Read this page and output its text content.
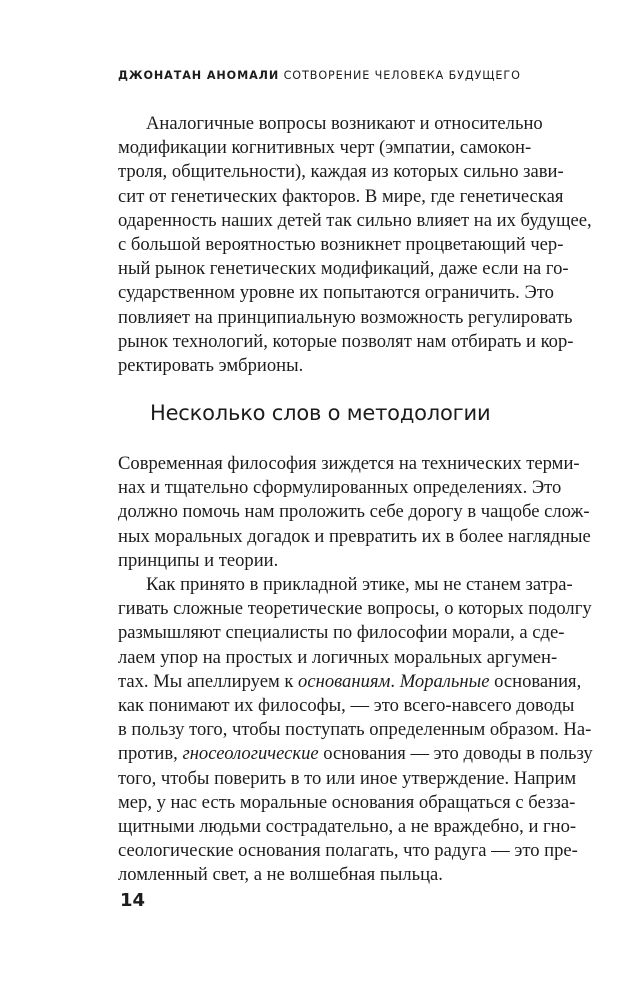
ДЖОНАТАН АНОМАЛИ СОТВОРЕНИЕ ЧЕЛОВЕКА БУДУЩЕГО
Аналогичные вопросы возникают и относительно
модификации когнитивных черт (эмпатии, самокон-
троля, общительности), каждая из которых сильно зави-
сит от генетических факторов. В мире, где генетическая
одаренность наших детей так сильно влияет на их будущее,
с большой вероятностью возникнет процветающий чер-
ный рынок генетических модификаций, даже если на го-
сударственном уровне их попытаются ограничить. Это
повлияет на принципиальную возможность регулировать
рынок технологий, которые позволят нам отбирать и кор-
ректировать эмбрионы.
Несколько слов о методологии
Современная философия зиждется на технических терми-
нах и тщательно сформулированных определениях. Это
должно помочь нам проложить себе дорогу в чащобе слож-
ных моральных догадок и превратить их в более наглядные
принципы и теории.
Как принято в прикладной этике, мы не станем затра-
гивать сложные теоретические вопросы, о которых подолгу
размышляют специалисты по философии морали, а сде-
лаем упор на простых и логичных моральных аргумен-
тах. Мы апеллируем к основаниям. Моральные основания,
как понимают их философы, — это всего-навсего доводы
в пользу того, чтобы поступать определенным образом. На-
против, гносеологические основания — это доводы в пользу
того, чтобы поверить в то или иное утверждение. Наприм
мер, у нас есть моральные основания обращаться с безза-
щитными людьми сострадательно, а не враждебно, и гно-
сеологические основания полагать, что радуга — это пре-
ломленный свет, а не волшебная пыльца.
14
